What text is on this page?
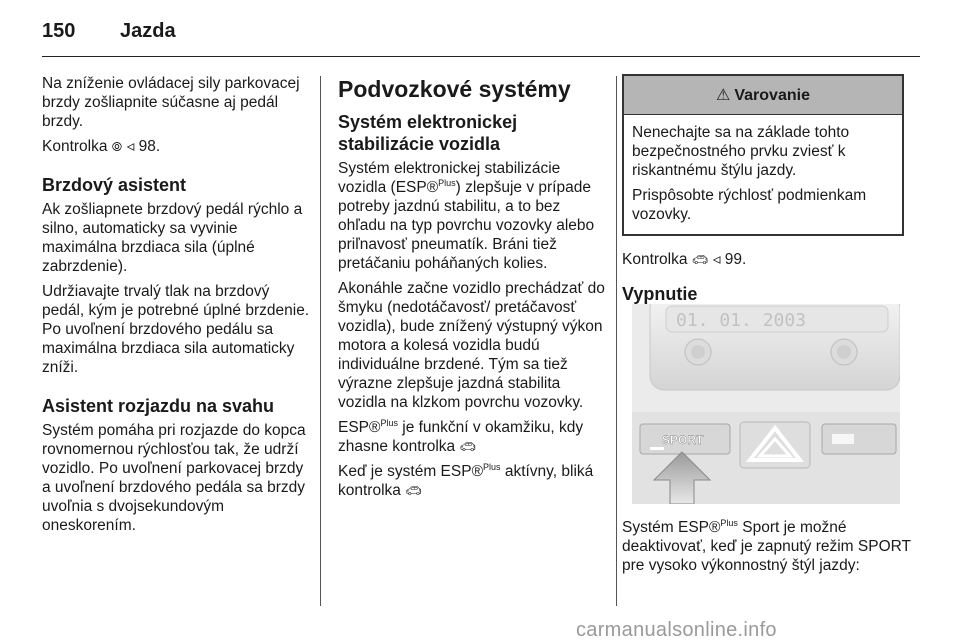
150 Jazda

Na zníženie ovládacej sily parkovacej brzdy zošliapnite súčasne aj pedál brzdy.

Kontrolka ⦾ ◃ 98.

Brzdový asistent

Ak zošliapnete brzdový pedál rýchlo a silno, automaticky sa vyvinie maximálna brzdiaca sila (úplné zabrzdenie).

Udržiavajte trvalý tlak na brzdový pedál, kým je potrebné úplné brzdenie. Po uvoľnení brzdového pedálu sa maximálna brzdiaca sila automaticky zníži.

Asistent rozjazdu na svahu

Systém pomáha pri rozjazde do kopca rovnomernou rýchlosťou tak, že udrží vozidlo. Po uvoľnení parkovacej brzdy a uvoľnení brzdového pedála sa brzdy uvoľnia s dvojsekundovým oneskorením.

Podvozkové systémy
Systém elektronickej stabilizácie vozidla

Systém elektronickej stabilizácie vozidla (ESP®$^{Plus}$) zlepšuje v prípade potreby jazdnú stabilitu, a to bez ohľadu na typ povrchu vozovky alebo priľnavosť pneumatík. Bráni tiež pretáčaniu poháňaných kolies.

Akonáhle začne vozidlo prechádzať do šmyku (nedotáčavosť/ pretáčavosť vozidla), bude znížený výstupný výkon motora a kolesá vozidla budú individuálne brzdené. Tým sa tiež výrazne zlepšuje jazdná stabilita vozidla na klzkom povrchu vozovky.

ESP®$^{Plus}$ je funkční v okamžiku, kdy zhasne kontrolka 🚗︎

Keď je systém ESP®$^{Plus}$ aktívny, bliká kontrolka 🚗︎

⚠ Varovanie

Nenechajte sa na základe tohto bezpečnostného prvku zviesť k riskantnému štýlu jazdy.

Prispôsobte rýchlosť podmienkam vozovky.

Kontrolka 🚗︎ ◃ 99.

Vypnutie
01. 01. 2003
SPORT

Systém ESP®$^{Plus}$ Sport je možné deaktivovať, keď je zapnutý režim SPORT pre vysoko výkonnostný štýl jazdy:

carmanualsonline.info
